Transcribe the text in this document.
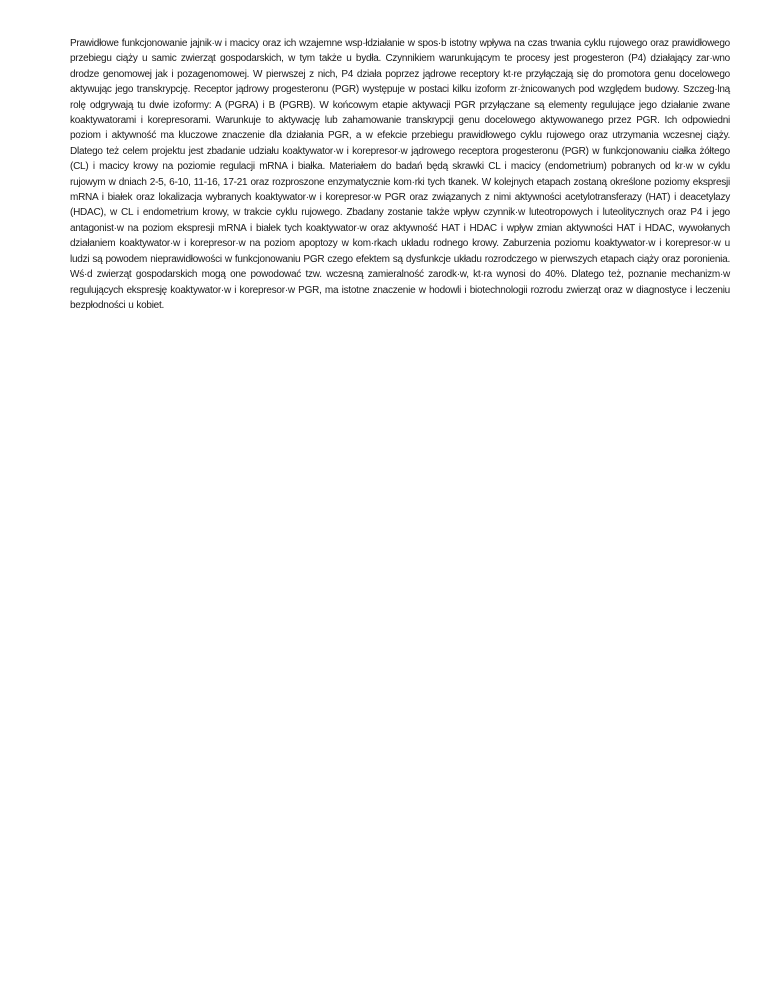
Prawidłowe funkcjonowanie jajnik·w i macicy oraz ich wzajemne wsp·łdziałanie w spos·b istotny wpływa na czas trwania cyklu rujowego oraz prawidłowego przebiegu ciąży u samic zwierząt gospodarskich, w tym także u bydła. Czynnikiem warunkującym te procesy jest progesteron (P4) działający zar·wno drodze genomowej jak i pozagenomowej. W pierwszej z nich, P4 działa poprzez jądrowe receptory kt·re przyłączają się do promotora genu docelowego aktywując jego transkrypcję. Receptor jądrowy progesteronu (PGR) występuje w postaci kilku izoform zr·żnicowanych pod względem budowy. Szczeg·lną rolę odgrywają tu dwie izoformy: A (PGRA) i B (PGRB). W końcowym etapie aktywacji PGR przyłączane są elementy regulujące jego działanie zwane koaktywatorami i korepresorami. Warunkuje to aktywację lub zahamowanie transkrypcji genu docelowego aktywowanego przez PGR. Ich odpowiedni poziom i aktywność ma kluczowe znaczenie dla działania PGR, a w efekcie przebiegu prawidłowego cyklu rujowego oraz utrzymania wczesnej ciąży. Dlatego też celem projektu jest zbadanie udziału koaktywator·w i korepresor·w jądrowego receptora progesteronu (PGR) w funkcjonowaniu ciałka żółtego (CL) i macicy krowy na poziomie regulacji mRNA i białka. Materiałem do badań będą skrawki CL i macicy (endometrium) pobranych od kr·w w cyklu rujowym w dniach 2-5, 6-10, 11-16, 17-21 oraz rozproszone enzymatycznie kom·rki tych tkanek. W kolejnych etapach zostaną określone poziomy ekspresji mRNA i białek oraz lokalizacja wybranych koaktywator·w i korepresor·w PGR oraz związanych z nimi aktywności acetylotransferazy (HAT) i deacetylazy (HDAC), w CL i endometrium krowy, w trakcie cyklu rujowego. Zbadany zostanie także wpływ czynnik·w luteotropowych i luteolitycznych oraz P4 i jego antagonist·w na poziom ekspresji mRNA i białek tych koaktywator·w oraz aktywność HAT i HDAC i wpływ zmian aktywności HAT i HDAC, wywołanych działaniem koaktywator·w i korepresor·w na poziom apoptozy w kom·rkach układu rodnego krowy. Zaburzenia poziomu koaktywator·w i korepresor·w u ludzi są powodem nieprawidłowości w funkcjonowaniu PGR czego efektem są dysfunkcje układu rozrodczego w pierwszych etapach ciąży oraz poronienia. Wś·d zwierząt gospodarskich mogą one powodować tzw. wczesną zamieralność zarodk·w, kt·ra wynosi do 40%. Dlatego też, poznanie mechanizm·w regulujących ekspresję koaktywator·w i korepresor·w PGR, ma istotne znaczenie w hodowli i biotechnologii rozrodu zwierząt oraz w diagnostyce i leczeniu bezpłodności u kobiet.
